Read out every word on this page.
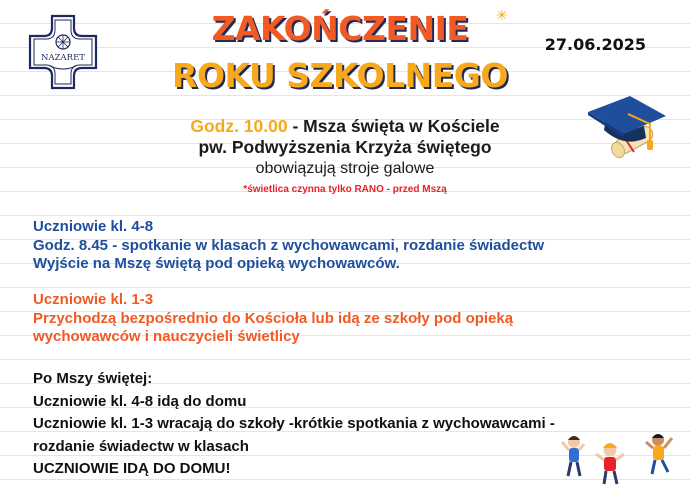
NAZARET
ZAKOŃCZENIE
ROKU SZKOLNEGO
✳
27.06.2025
Godz. 10.00 - Msza święta w Kościele
pw. Podwyższenia Krzyża świętego
obowiązują stroje galowe
*świetlica czynna tylko RANO - przed Mszą
Uczniowie kl. 4-8
Godz. 8.45 - spotkanie w klasach z wychowawcami, rozdanie świadectw
Wyjście na Mszę świętą pod opieką wychowawców.
Uczniowie kl. 1-3
Przychodzą bezpośrednio do Kościoła lub idą ze szkoły pod opieką
wychowawców i nauczycieli świetlicy
Po Mszy świętej:
Uczniowie kl. 4-8 idą do domu
Uczniowie kl. 1-3 wracają do szkoły -krótkie spotkania z wychowawcami -
rozdanie świadectw w klasach
UCZNIOWIE IDĄ DO DOMU!
